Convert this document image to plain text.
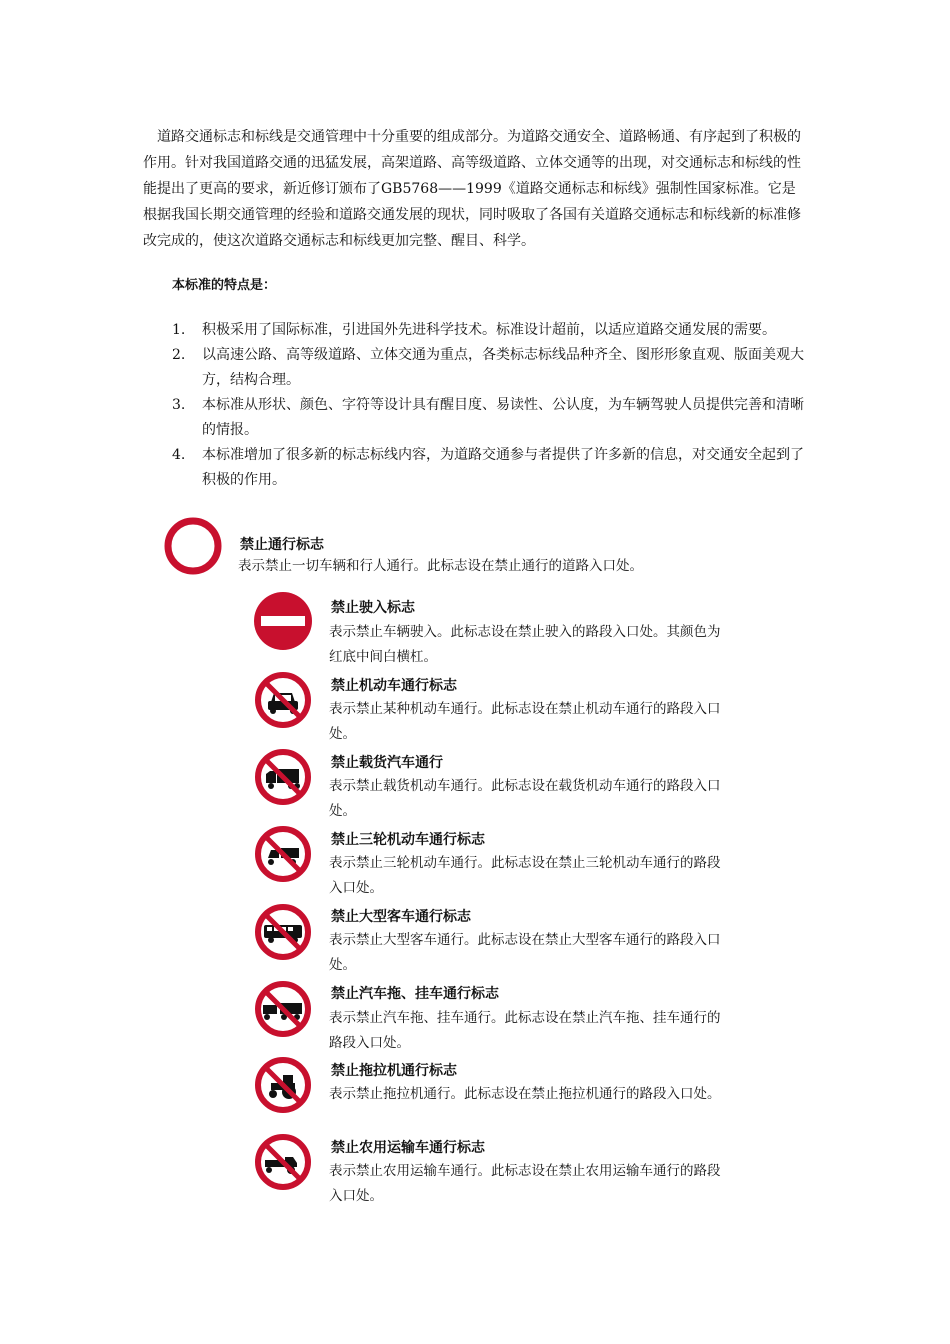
道路交通标志和标线是交通管理中十分重要的组成部分。为道路交通安全、道路畅通、有序起到了积极的作用。针对我国道路交通的迅猛发展，高架道路、高等级道路、立体交通等的出现，对交通标志和标线的性能提出了更高的要求，新近修订颁布了GB5768——1999《道路交通标志和标线》强制性国家标准。它是根据我国长期交通管理的经验和道路交通发展的现状，同时吸取了各国有关道路交通标志和标线新的标准修改完成的，使这次道路交通标志和标线更加完整、醒目、科学。

本标准的特点是：
1.	积极采用了国际标准，引进国外先进科学技术。标准设计超前，以适应道路交通发展的需要。
2.	以高速公路、高等级道路、立体交通为重点，各类标志标线品种齐全、图形形象直观、版面美观大方，结构合理。
3.	本标准从形状、颜色、字符等设计具有醒目度、易读性、公认度，为车辆驾驶人员提供完善和清晰的情报。
4.	本标准增加了很多新的标志标线内容，为道路交通参与者提供了许多新的信息，对交通安全起到了积极的作用。
禁止通行标志
表示禁止一切车辆和行人通行。此标志设在禁止通行的道路入口处。
禁止驶入标志
表示禁止车辆驶入。此标志设在禁止驶入的路段入口处。其颜色为红底中间白横杠。
禁止机动车通行标志
表示禁止某种机动车通行。此标志设在禁止机动车通行的路段入口处。
禁止载货汽车通行
表示禁止载货机动车通行。此标志设在载货机动车通行的路段入口处。
禁止三轮机动车通行标志
表示禁止三轮机动车通行。此标志设在禁止三轮机动车通行的路段入口处。
禁止大型客车通行标志
表示禁止大型客车通行。此标志设在禁止大型客车通行的路段入口处。
禁止汽车拖、挂车通行标志
表示禁止汽车拖、挂车通行。此标志设在禁止汽车拖、挂车通行的路段入口处。
禁止拖拉机通行标志
表示禁止拖拉机通行。此标志设在禁止拖拉机通行的路段入口处。
禁止农用运输车通行标志
表示禁止农用运输车通行。此标志设在禁止农用运输车通行的路段入口处。
